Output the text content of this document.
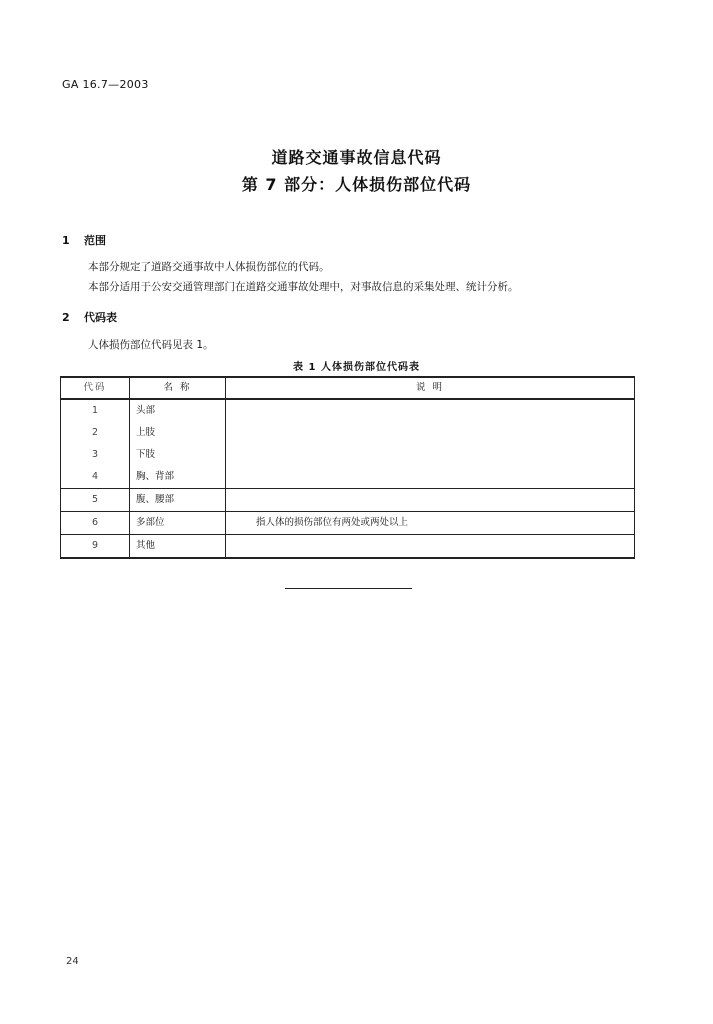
GA 16.7—2003
道路交通事故信息代码
第 7 部分：人体损伤部位代码
1 范围
本部分规定了道路交通事故中人体损伤部位的代码。
本部分适用于公安交通管理部门在道路交通事故处理中，对事故信息的采集处理、统计分析。
2 代码表
人体损伤部位代码见表 1。
表 1 人体损伤部位代码表
代码	名 称	说 明
1	头部	
2	上肢	
3	下肢	
4	胸、背部	
5	腹、腰部	
6	多部位	指人体的损伤部位有两处或两处以上
9	其他	
24
